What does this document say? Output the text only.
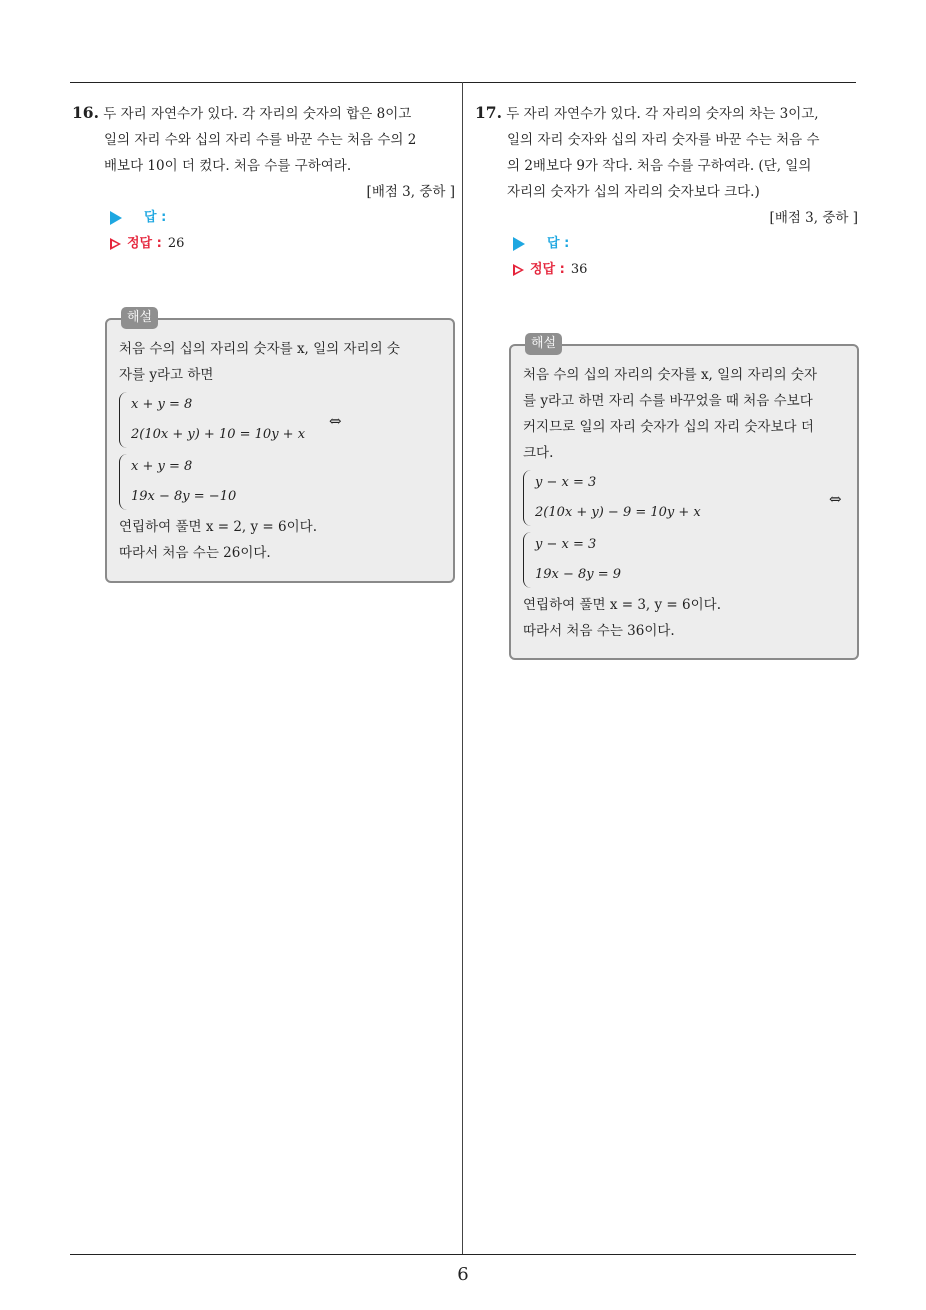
6
16. 두 자리 자연수가 있다. 각 자리의 숫자의 합은 8이고
일의 자리 수와 십의 자리 수를 바꾼 수는 처음 수의 2
배보다 10이 더 컸다. 처음 수를 구하여라.
[배점 3, 중하 ]
답 :
정답 : 26
해설
처음 수의 십의 자리의 숫자를 x, 일의 자리의 숫
자를 y라고 하면
x + y = 8
2(10x + y) + 10 = 10y + x
⇔
x + y = 8
19x − 8y = −10
연립하여 풀면 x = 2, y = 6이다.
따라서 처음 수는 26이다.
17. 두 자리 자연수가 있다. 각 자리의 숫자의 차는 3이고,
일의 자리 숫자와 십의 자리 숫자를 바꾼 수는 처음 수
의 2배보다 9가 작다. 처음 수를 구하여라. (단, 일의
자리의 숫자가 십의 자리의 숫자보다 크다.)
[배점 3, 중하 ]
답 :
정답 : 36
해설
처음 수의 십의 자리의 숫자를 x, 일의 자리의 숫자
를 y라고 하면 자리 수를 바꾸었을 때 처음 수보다
커지므로 일의 자리 숫자가 십의 자리 숫자보다 더
크다.
y − x = 3
2(10x + y) − 9 = 10y + x
⇔
y − x = 3
19x − 8y = 9
연립하여 풀면 x = 3, y = 6이다.
따라서 처음 수는 36이다.
